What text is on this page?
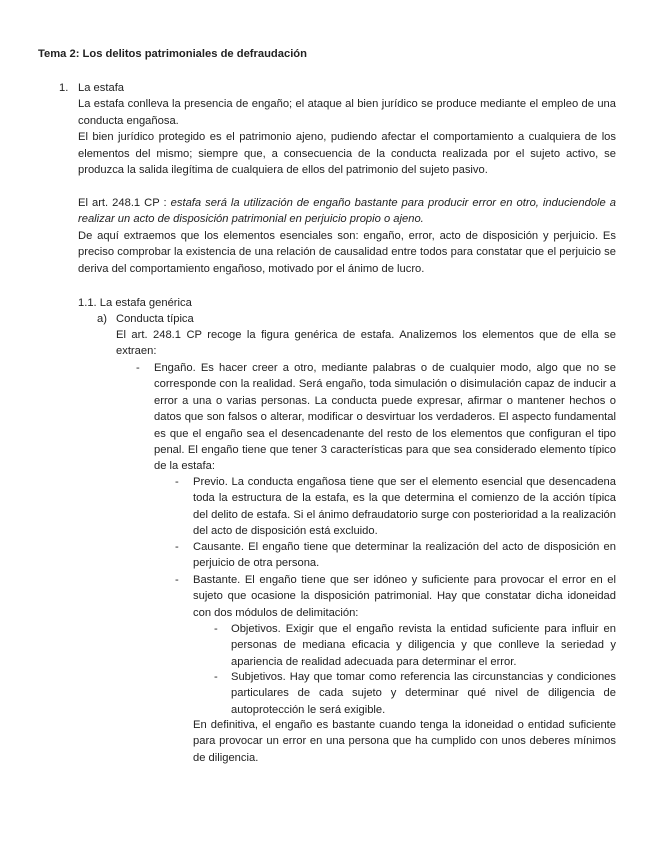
Tema 2: Los delitos patrimoniales de defraudación
1. La estafa

La estafa conlleva la presencia de engaño; el ataque al bien jurídico se produce mediante el empleo de una conducta engañosa.

El bien jurídico protegido es el patrimonio ajeno, pudiendo afectar el comportamiento a cualquiera de los elementos del mismo; siempre que, a consecuencia de la conducta realizada por el sujeto activo, se produzca la salida ilegítima de cualquiera de ellos del patrimonio del sujeto pasivo.

El art. 248.1 CP : estafa será la utilización de engaño bastante para producir error en otro, induciendole a realizar un acto de disposición patrimonial en perjuicio propio o ajeno.

De aquí extraemos que los elementos esenciales son: engaño, error, acto de disposición y perjuicio. Es preciso comprobar la existencia de una relación de causalidad entre todos para constatar que el perjuicio se deriva del comportamiento engañoso, motivado por el ánimo de lucro.

1.1. La estafa genérica
a) Conducta típica
El art. 248.1 CP recoge la figura genérica de estafa. Analizemos los elementos que de ella se extraen:
- Engaño. Es hacer creer a otro, mediante palabras o de cualquier modo, algo que no se corresponde con la realidad. Será engaño, toda simulación o disimulación capaz de inducir a error a una o varias personas. La conducta puede expresar, afirmar o mantener hechos o datos que son falsos o alterar, modificar o desvirtuar los verdaderos. El aspecto fundamental es que el engaño sea el desencadenante del resto de los elementos que configuran el tipo penal. El engaño tiene que tener 3 características para que sea considerado elemento típico de la estafa:
- Previo. La conducta engañosa tiene que ser el elemento esencial que desencadena toda la estructura de la estafa, es la que determina el comienzo de la acción típica del delito de estafa. Si el ánimo defraudatorio surge con posterioridad a la realización del acto de disposición está excluido.
- Causante. El engaño tiene que determinar la realización del acto de disposición en perjuicio de otra persona.
- Bastante. El engaño tiene que ser idóneo y suficiente para provocar el error en el sujeto que ocasione la disposición patrimonial. Hay que constatar dicha idoneidad con dos módulos de delimitación:
- Objetivos. Exigir que el engaño revista la entidad suficiente para influir en personas de mediana eficacia y diligencia y que conlleve la seriedad y apariencia de realidad adecuada para determinar el error.
- Subjetivos. Hay que tomar como referencia las circunstancias y condiciones particulares de cada sujeto y determinar qué nivel de diligencia de autoprotección le será exigible.
En definitiva, el engaño es bastante cuando tenga la idoneidad o entidad suficiente para provocar un error en una persona que ha cumplido con unos deberes mínimos de diligencia.
